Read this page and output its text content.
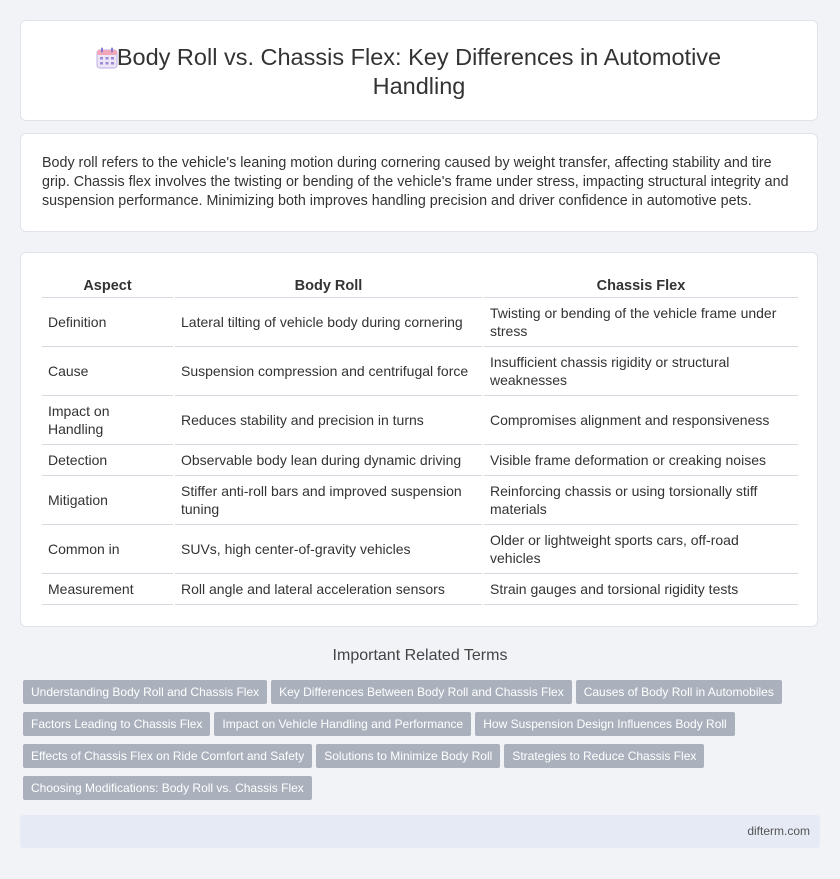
Body Roll vs. Chassis Flex: Key Differences in Automotive Handling
Body roll refers to the vehicle's leaning motion during cornering caused by weight transfer, affecting stability and tire grip. Chassis flex involves the twisting or bending of the vehicle's frame under stress, impacting structural integrity and suspension performance. Minimizing both improves handling precision and driver confidence in automotive pets.
Aspect	Body Roll	Chassis Flex
Definition	Lateral tilting of vehicle body during cornering	Twisting or bending of the vehicle frame under stress
Cause	Suspension compression and centrifugal force	Insufficient chassis rigidity or structural weaknesses
Impact on Handling	Reduces stability and precision in turns	Compromises alignment and responsiveness
Detection	Observable body lean during dynamic driving	Visible frame deformation or creaking noises
Mitigation	Stiffer anti-roll bars and improved suspension tuning	Reinforcing chassis or using torsionally stiff materials
Common in	SUVs, high center-of-gravity vehicles	Older or lightweight sports cars, off-road vehicles
Measurement	Roll angle and lateral acceleration sensors	Strain gauges and torsional rigidity tests
Important Related Terms
Understanding Body Roll and Chassis Flex Key Differences Between Body Roll and Chassis Flex Causes of Body Roll in Automobiles
Factors Leading to Chassis Flex Impact on Vehicle Handling and Performance How Suspension Design Influences Body Roll
Effects of Chassis Flex on Ride Comfort and Safety Solutions to Minimize Body Roll Strategies to Reduce Chassis Flex
Choosing Modifications: Body Roll vs. Chassis Flex
difterm.com
